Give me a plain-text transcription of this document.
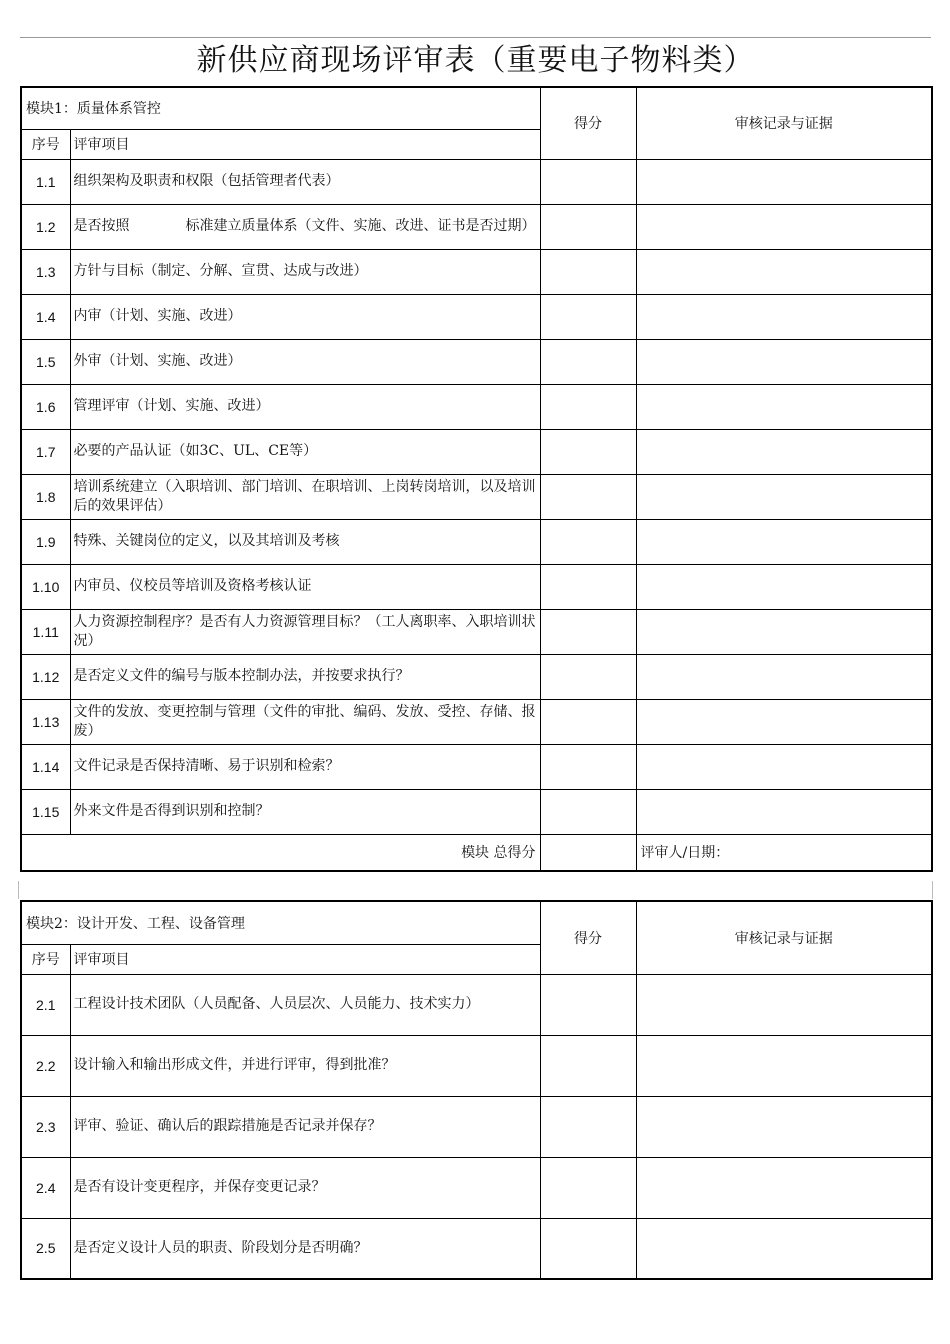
新供应商现场评审表（重要电子物料类）
模块1：质量体系管控		得分	审核记录与证据
序号	评审项目		
1.1	组织架构及职责和权限（包括管理者代表）		
1.2	是否按照　　　　标准建立质量体系（文件、实施、改进、证书是否过期）		
1.3	方针与目标（制定、分解、宣贯、达成与改进）		
1.4	内审（计划、实施、改进）		
1.5	外审（计划、实施、改进）		
1.6	管理评审（计划、实施、改进）		
1.7	必要的产品认证（如3C、UL、CE等）		
1.8	培训系统建立（入职培训、部门培训、在职培训、上岗转岗培训，以及培训后的效果评估）		
1.9	特殊、关键岗位的定义，以及其培训及考核		
1.10	内审员、仪校员等培训及资格考核认证		
1.11	人力资源控制程序？是否有人力资源管理目标？（工人离职率、入职培训状况）		
1.12	是否定义文件的编号与版本控制办法，并按要求执行？		
1.13	文件的发放、变更控制与管理（文件的审批、编码、发放、受控、存储、报废）		
1.14	文件记录是否保持清晰、易于识别和检索？		
1.15	外来文件是否得到识别和控制？		
模块 总得分			评审人/日期：
模块2：设计开发、工程、设备管理		得分	审核记录与证据
序号	评审项目		
2.1	工程设计技术团队（人员配备、人员层次、人员能力、技术实力）		
2.2	设计输入和输出形成文件，并进行评审，得到批准？		
2.3	评审、验证、确认后的跟踪措施是否记录并保存？		
2.4	是否有设计变更程序，并保存变更记录？		
2.5	是否定义设计人员的职责、阶段划分是否明确？		
